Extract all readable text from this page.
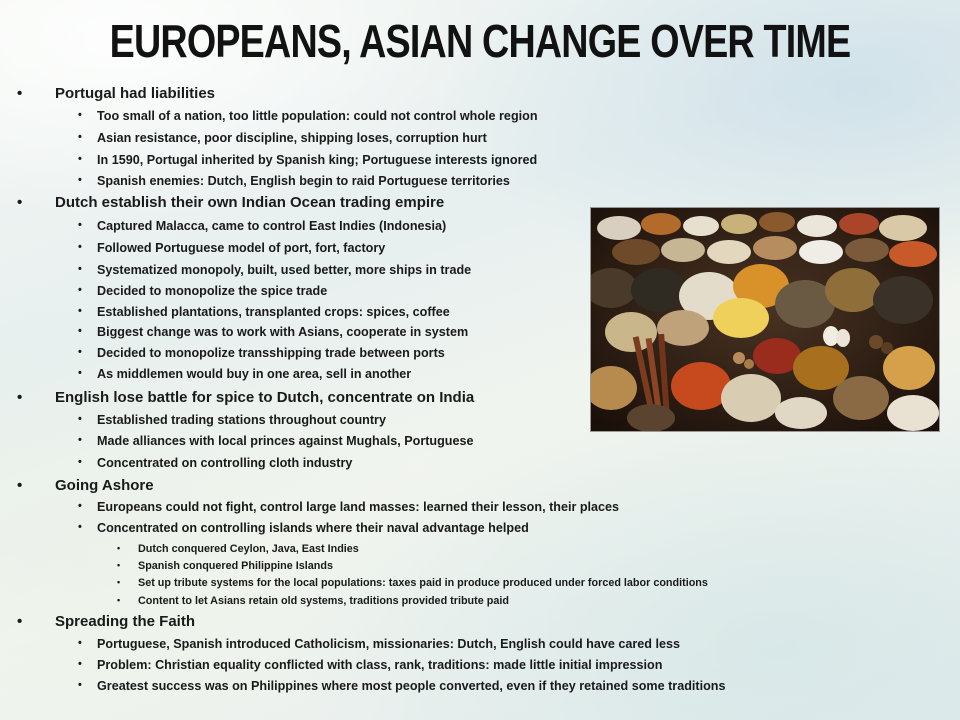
EUROPEANS, ASIAN CHANGE OVER TIME
• Portugal had liabilities
• Too small of a nation, too little population: could not control whole region
• Asian resistance, poor discipline, shipping loses, corruption hurt
• In 1590, Portugal inherited by Spanish king; Portuguese interests ignored
• Spanish enemies: Dutch, English begin to raid Portuguese territories
• Dutch establish their own Indian Ocean trading empire
• Captured Malacca, came to control East Indies (Indonesia)
• Followed Portuguese model of port, fort, factory
• Systematized monopoly, built, used better, more ships in trade
• Decided to monopolize the spice trade
• Established plantations, transplanted crops: spices, coffee
• Biggest change was to work with Asians, cooperate in system
• Decided to monopolize transshipping trade between ports
• As middlemen would buy in one area, sell in another
• English lose battle for spice to Dutch, concentrate on India
• Established trading stations throughout country
• Made alliances with local princes against Mughals, Portuguese
• Concentrated on controlling cloth industry
• Going Ashore
• Europeans could not fight, control large land masses: learned their lesson, their places
• Concentrated on controlling islands where their naval advantage helped
• Dutch conquered Ceylon, Java, East Indies
• Spanish conquered Philippine Islands
• Set up tribute systems for the local populations: taxes paid in produce produced under forced labor conditions
• Content to let Asians retain old systems, traditions provided tribute paid
• Spreading the Faith
• Portuguese, Spanish introduced Catholicism, missionaries: Dutch, English could have cared less
• Problem: Christian equality conflicted with class, rank, traditions: made little initial impression
• Greatest success was on Philippines where most people converted, even if they retained some traditions
